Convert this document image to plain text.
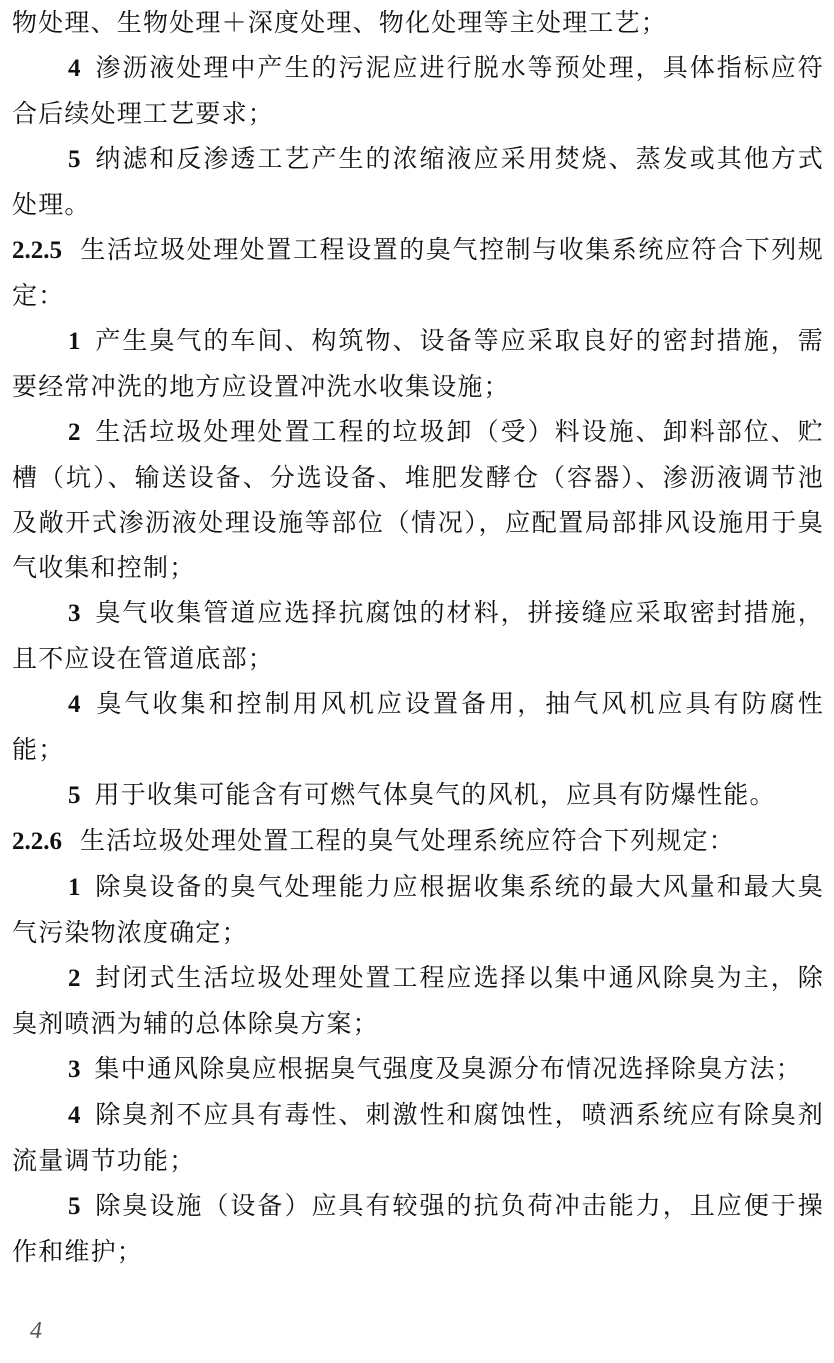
物处理、生物处理＋深度处理、物化处理等主处理工艺；

4 渗沥液处理中产生的污泥应进行脱水等预处理，具体指标应符合后续处理工艺要求；

5 纳滤和反渗透工艺产生的浓缩液应采用焚烧、蒸发或其他方式处理。

2.2.5 生活垃圾处理处置工程设置的臭气控制与收集系统应符合下列规定：

1 产生臭气的车间、构筑物、设备等应采取良好的密封措施，需要经常冲洗的地方应设置冲洗水收集设施；

2 生活垃圾处理处置工程的垃圾卸（受）料设施、卸料部位、贮槽（坑）、输送设备、分选设备、堆肥发酵仓（容器）、渗沥液调节池及敞开式渗沥液处理设施等部位（情况），应配置局部排风设施用于臭气收集和控制；

3 臭气收集管道应选择抗腐蚀的材料，拼接缝应采取密封措施，且不应设在管道底部；

4 臭气收集和控制用风机应设置备用，抽气风机应具有防腐性能；

5 用于收集可能含有可燃气体臭气的风机，应具有防爆性能。

2.2.6 生活垃圾处理处置工程的臭气处理系统应符合下列规定：

1 除臭设备的臭气处理能力应根据收集系统的最大风量和最大臭气污染物浓度确定；

2 封闭式生活垃圾处理处置工程应选择以集中通风除臭为主，除臭剂喷洒为辅的总体除臭方案；

3 集中通风除臭应根据臭气强度及臭源分布情况选择除臭方法；

4 除臭剂不应具有毒性、刺激性和腐蚀性，喷洒系统应有除臭剂流量调节功能；

5 除臭设施（设备）应具有较强的抗负荷冲击能力，且应便于操作和维护；

4
